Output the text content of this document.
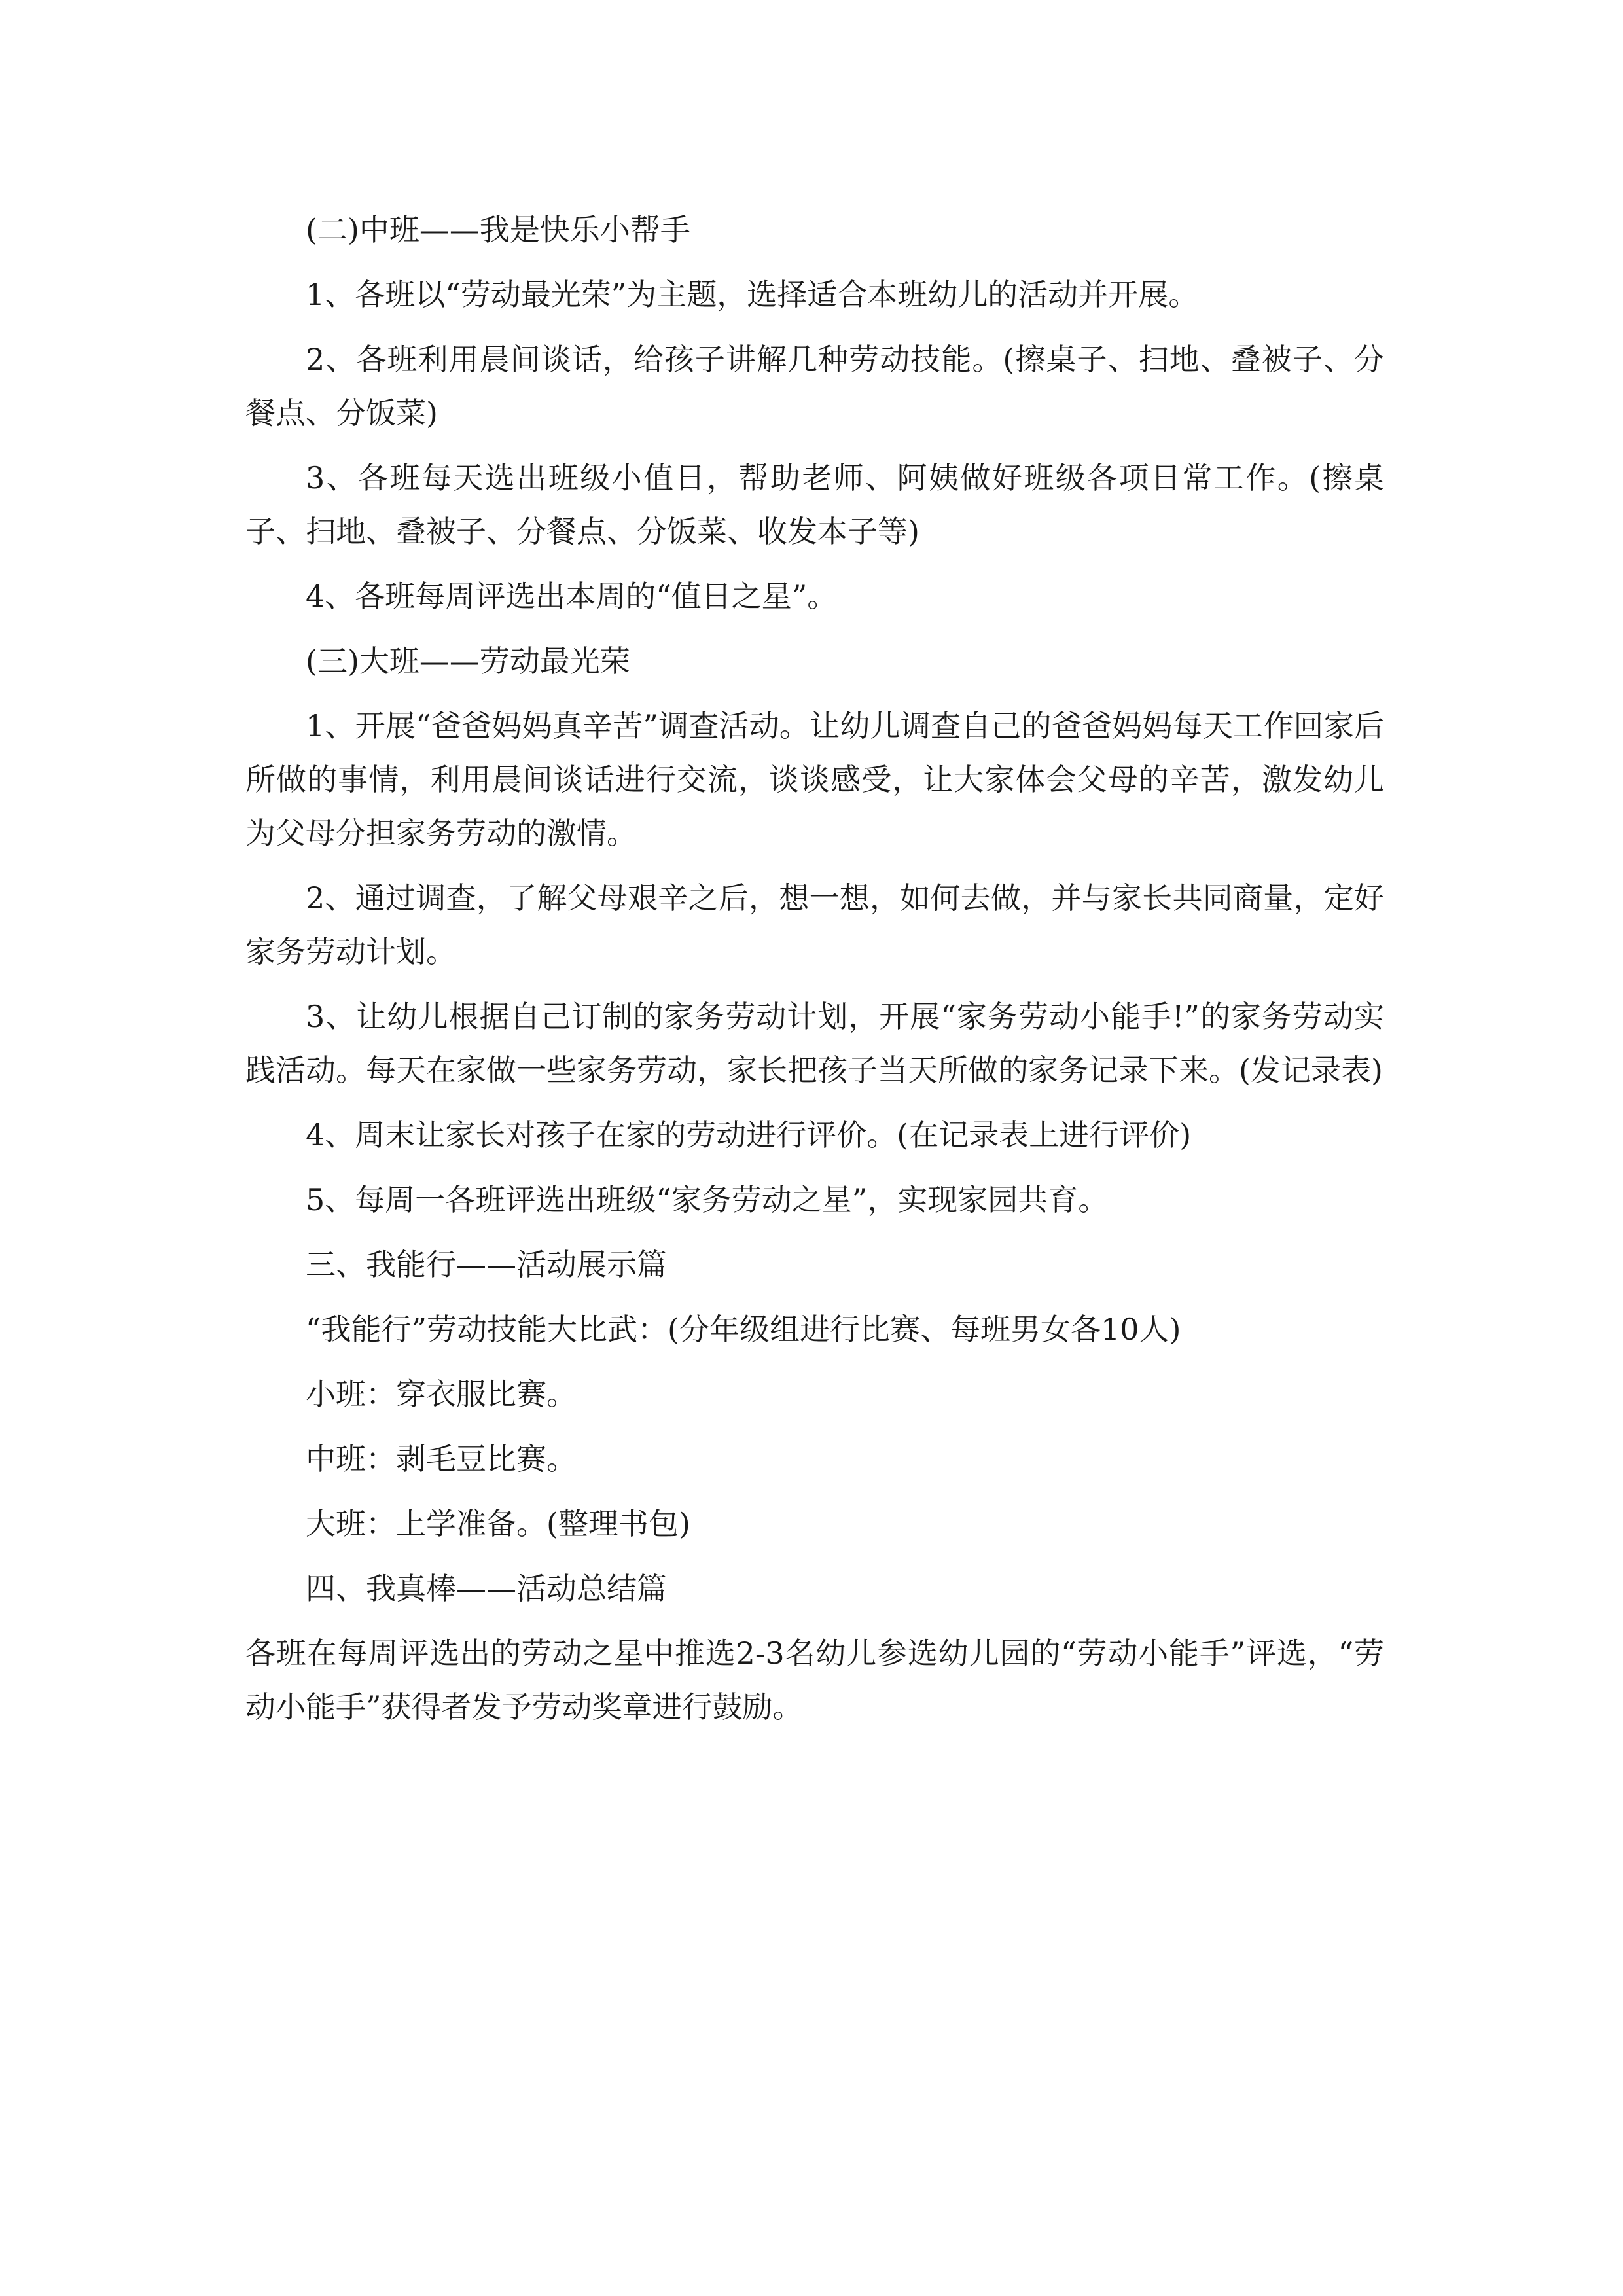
(二)中班——我是快乐小帮手

1、各班以“劳动最光荣”为主题，选择适合本班幼儿的活动并开展。

2、各班利用晨间谈话，给孩子讲解几种劳动技能。(擦桌子、扫地、叠被子、分餐点、分饭菜)

3、各班每天选出班级小值日，帮助老师、阿姨做好班级各项日常工作。(擦桌子、扫地、叠被子、分餐点、分饭菜、收发本子等)

4、各班每周评选出本周的“值日之星”。

(三)大班——劳动最光荣

1、开展“爸爸妈妈真辛苦”调查活动。让幼儿调查自己的爸爸妈妈每天工作回家后所做的事情，利用晨间谈话进行交流，谈谈感受，让大家体会父母的辛苦，激发幼儿为父母分担家务劳动的激情。

2、通过调查，了解父母艰辛之后，想一想，如何去做，并与家长共同商量，定好家务劳动计划。

3、让幼儿根据自己订制的家务劳动计划，开展“家务劳动小能手!”的家务劳动实践活动。每天在家做一些家务劳动，家长把孩子当天所做的家务记录下来。(发记录表)

4、周末让家长对孩子在家的劳动进行评价。(在记录表上进行评价)

5、每周一各班评选出班级“家务劳动之星”，实现家园共育。

三、我能行——活动展示篇

“我能行”劳动技能大比武：(分年级组进行比赛、每班男女各10人)

小班：穿衣服比赛。

中班：剥毛豆比赛。

大班：上学准备。(整理书包)

四、我真棒——活动总结篇

各班在每周评选出的劳动之星中推选2-3名幼儿参选幼儿园的“劳动小能手”评选，“劳动小能手”获得者发予劳动奖章进行鼓励。
